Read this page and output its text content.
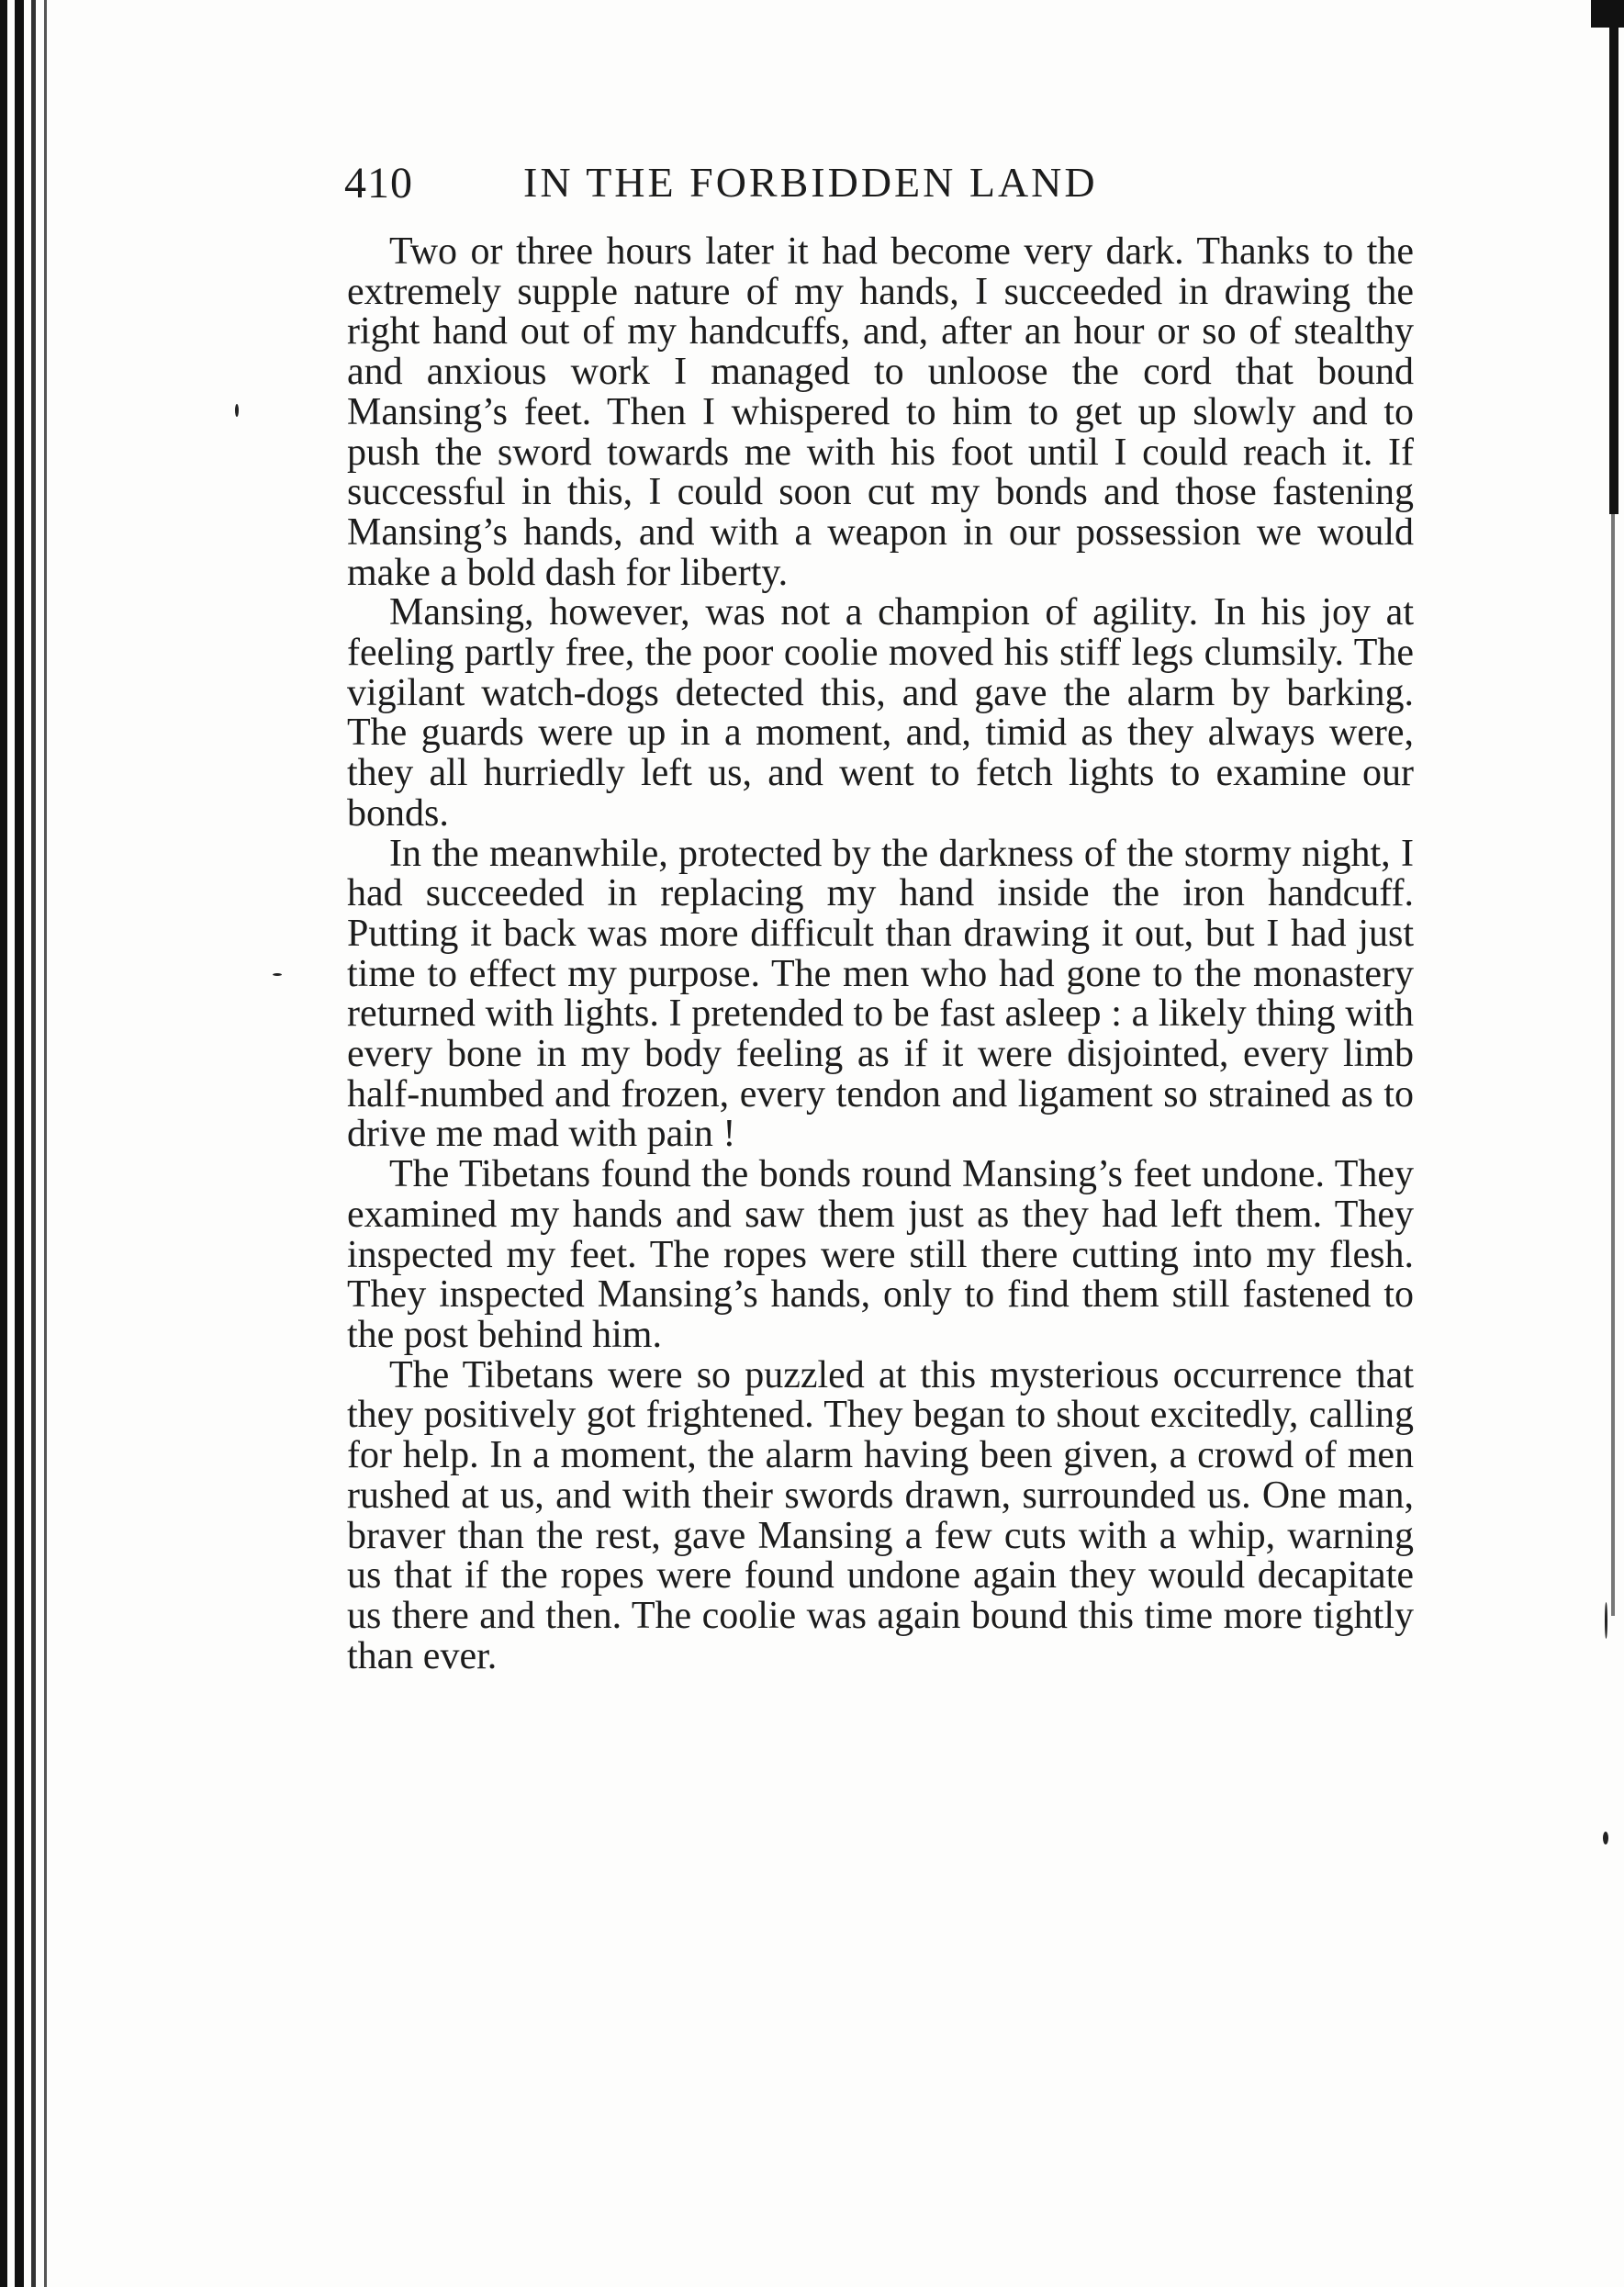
410	IN THE FORBIDDEN LAND

Two or three hours later it had become very dark. Thanks to the extremely supple nature of my hands, I succeeded in drawing the right hand out of my handcuffs, and, after an hour or so of stealthy and anxious work I managed to unloose the cord that bound Mansing’s feet. Then I whispered to him to get up slowly and to push the sword towards me with his foot until I could reach it. If successful in this, I could soon cut my bonds and those fastening Mansing’s hands, and with a weapon in our possession we would make a bold dash for liberty.

Mansing, however, was not a champion of agility. In his joy at feeling partly free, the poor coolie moved his stiff legs clumsily. The vigilant watch-dogs detected this, and gave the alarm by barking. The guards were up in a moment, and, timid as they always were, they all hurriedly left us, and went to fetch lights to examine our bonds.

In the meanwhile, protected by the darkness of the stormy night, I had succeeded in replacing my hand inside the iron handcuff. Putting it back was more difficult than drawing it out, but I had just time to effect my purpose. The men who had gone to the monastery returned with lights. I pretended to be fast asleep : a likely thing with every bone in my body feeling as if it were disjointed, every limb half-numbed and frozen, every tendon and ligament so strained as to drive me mad with pain !

The Tibetans found the bonds round Mansing’s feet undone. They examined my hands and saw them just as they had left them. They inspected my feet. The ropes were still there cutting into my flesh. They inspected Mansing’s hands, only to find them still fastened to the post behind him.

The Tibetans were so puzzled at this mysterious occurrence that they positively got frightened. They began to shout excitedly, calling for help. In a moment, the alarm having been given, a crowd of men rushed at us, and with their swords drawn, surrounded us. One man, braver than the rest, gave Mansing a few cuts with a whip, warning us that if the ropes were found undone again they would decapitate us there and then. The coolie was again bound this time more tightly than ever.
